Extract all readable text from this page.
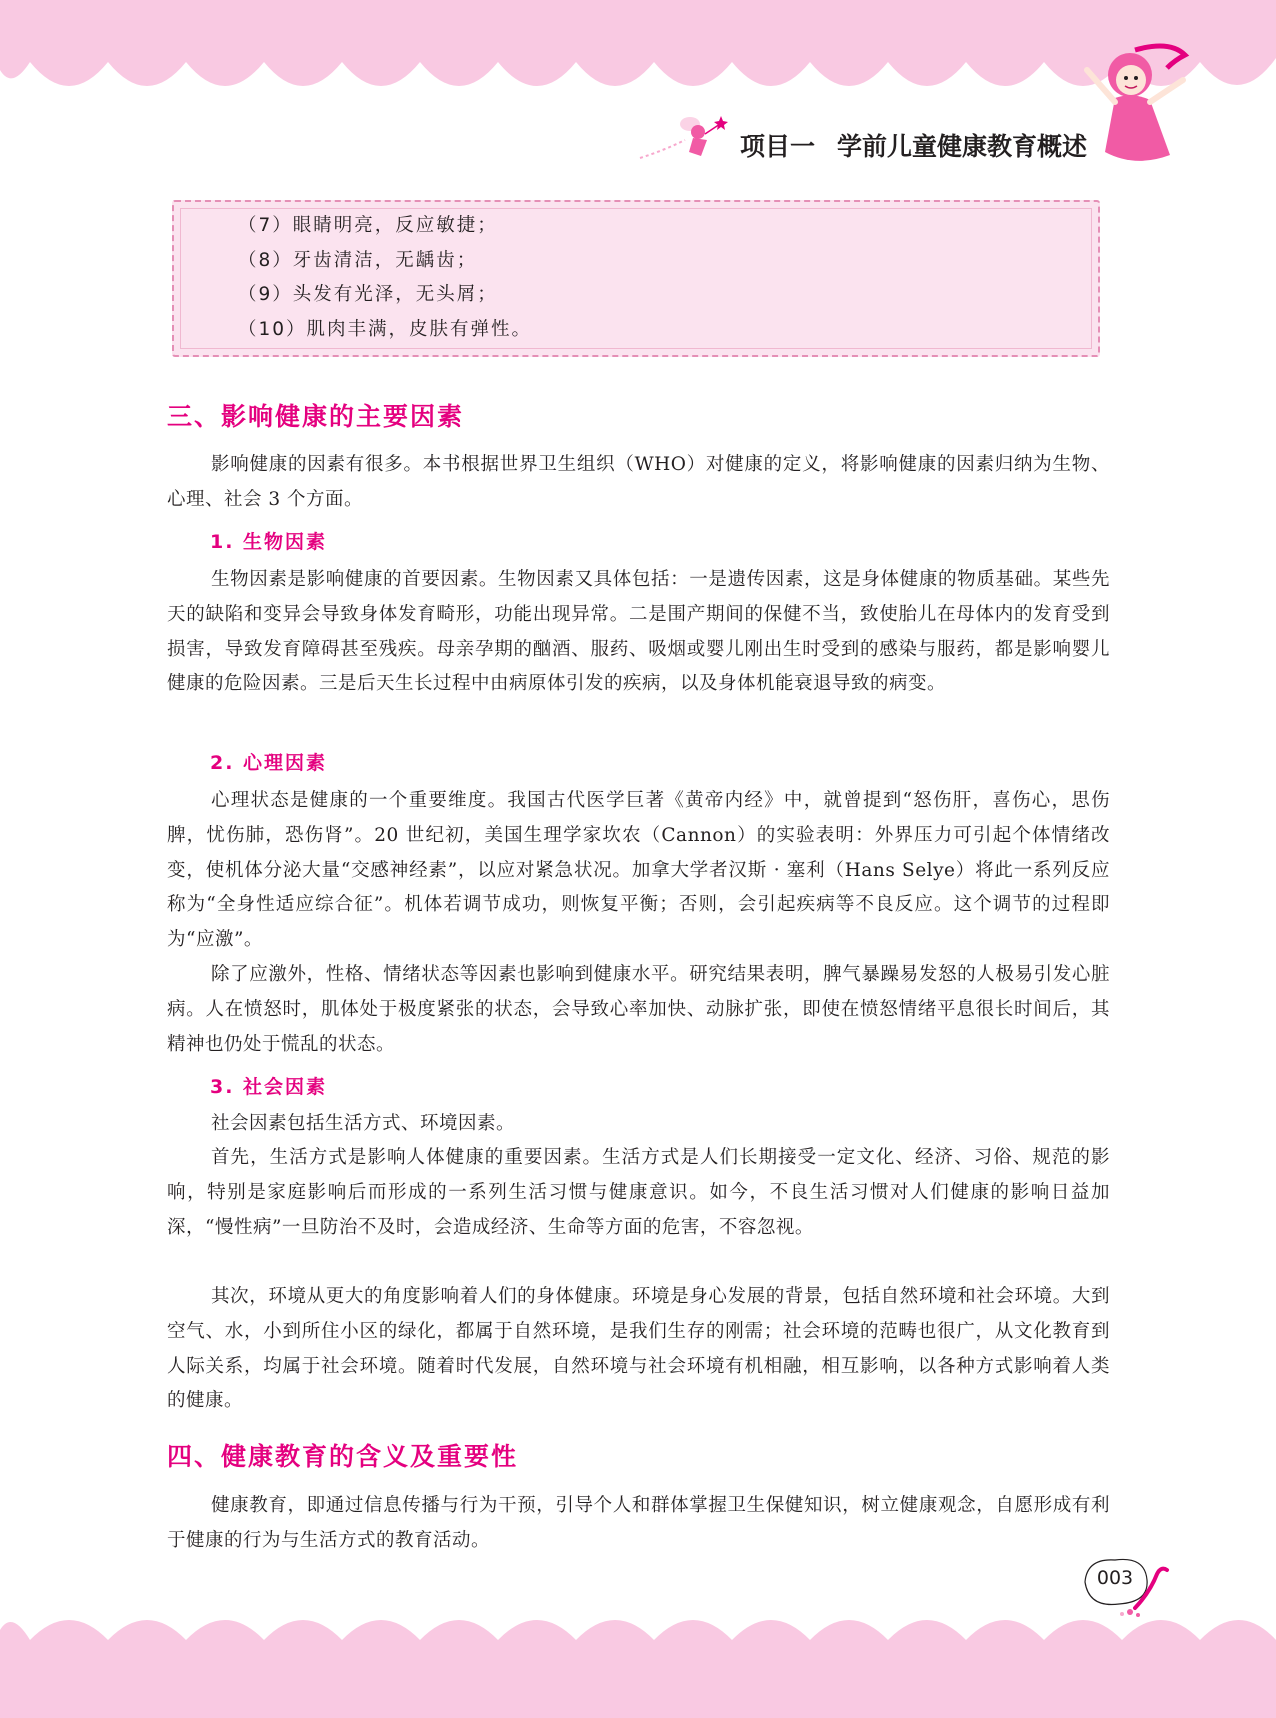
项目一 学前儿童健康教育概述
（7）眼睛明亮，反应敏捷；
（8）牙齿清洁，无龋齿；
（9）头发有光泽，无头屑；
（10）肌肉丰满，皮肤有弹性。
三、影响健康的主要因素

影响健康的因素有很多。本书根据世界卫生组织（WHO）对健康的定义，将影响健康的因素归纳为生物、心理、社会 3 个方面。

1. 生物因素

生物因素是影响健康的首要因素。生物因素又具体包括：一是遗传因素，这是身体健康的物质基础。某些先天的缺陷和变异会导致身体发育畸形，功能出现异常。二是围产期间的保健不当，致使胎儿在母体内的发育受到损害，导致发育障碍甚至残疾。母亲孕期的酗酒、服药、吸烟或婴儿刚出生时受到的感染与服药，都是影响婴儿健康的危险因素。三是后天生长过程中由病原体引发的疾病，以及身体机能衰退导致的病变。

2. 心理因素

心理状态是健康的一个重要维度。我国古代医学巨著《黄帝内经》中，就曾提到“怒伤肝，喜伤心，思伤脾，忧伤肺，恐伤肾”。20 世纪初，美国生理学家坎农（Cannon）的实验表明：外界压力可引起个体情绪改变，使机体分泌大量“交感神经素”，以应对紧急状况。加拿大学者汉斯 · 塞利（Hans Selye）将此一系列反应称为“全身性适应综合征”。机体若调节成功，则恢复平衡；否则，会引起疾病等不良反应。这个调节的过程即为“应激”。

除了应激外，性格、情绪状态等因素也影响到健康水平。研究结果表明，脾气暴躁易发怒的人极易引发心脏病。人在愤怒时，肌体处于极度紧张的状态，会导致心率加快、动脉扩张，即使在愤怒情绪平息很长时间后，其精神也仍处于慌乱的状态。

3. 社会因素

社会因素包括生活方式、环境因素。

首先，生活方式是影响人体健康的重要因素。生活方式是人们长期接受一定文化、经济、习俗、规范的影响，特别是家庭影响后而形成的一系列生活习惯与健康意识。如今，不良生活习惯对人们健康的影响日益加深，“慢性病”一旦防治不及时，会造成经济、生命等方面的危害，不容忽视。

其次，环境从更大的角度影响着人们的身体健康。环境是身心发展的背景，包括自然环境和社会环境。大到空气、水，小到所住小区的绿化，都属于自然环境，是我们生存的刚需；社会环境的范畴也很广，从文化教育到人际关系，均属于社会环境。随着时代发展，自然环境与社会环境有机相融，相互影响，以各种方式影响着人类的健康。

四、健康教育的含义及重要性

健康教育，即通过信息传播与行为干预，引导个人和群体掌握卫生保健知识，树立健康观念，自愿形成有利于健康的行为与生活方式的教育活动。

003
